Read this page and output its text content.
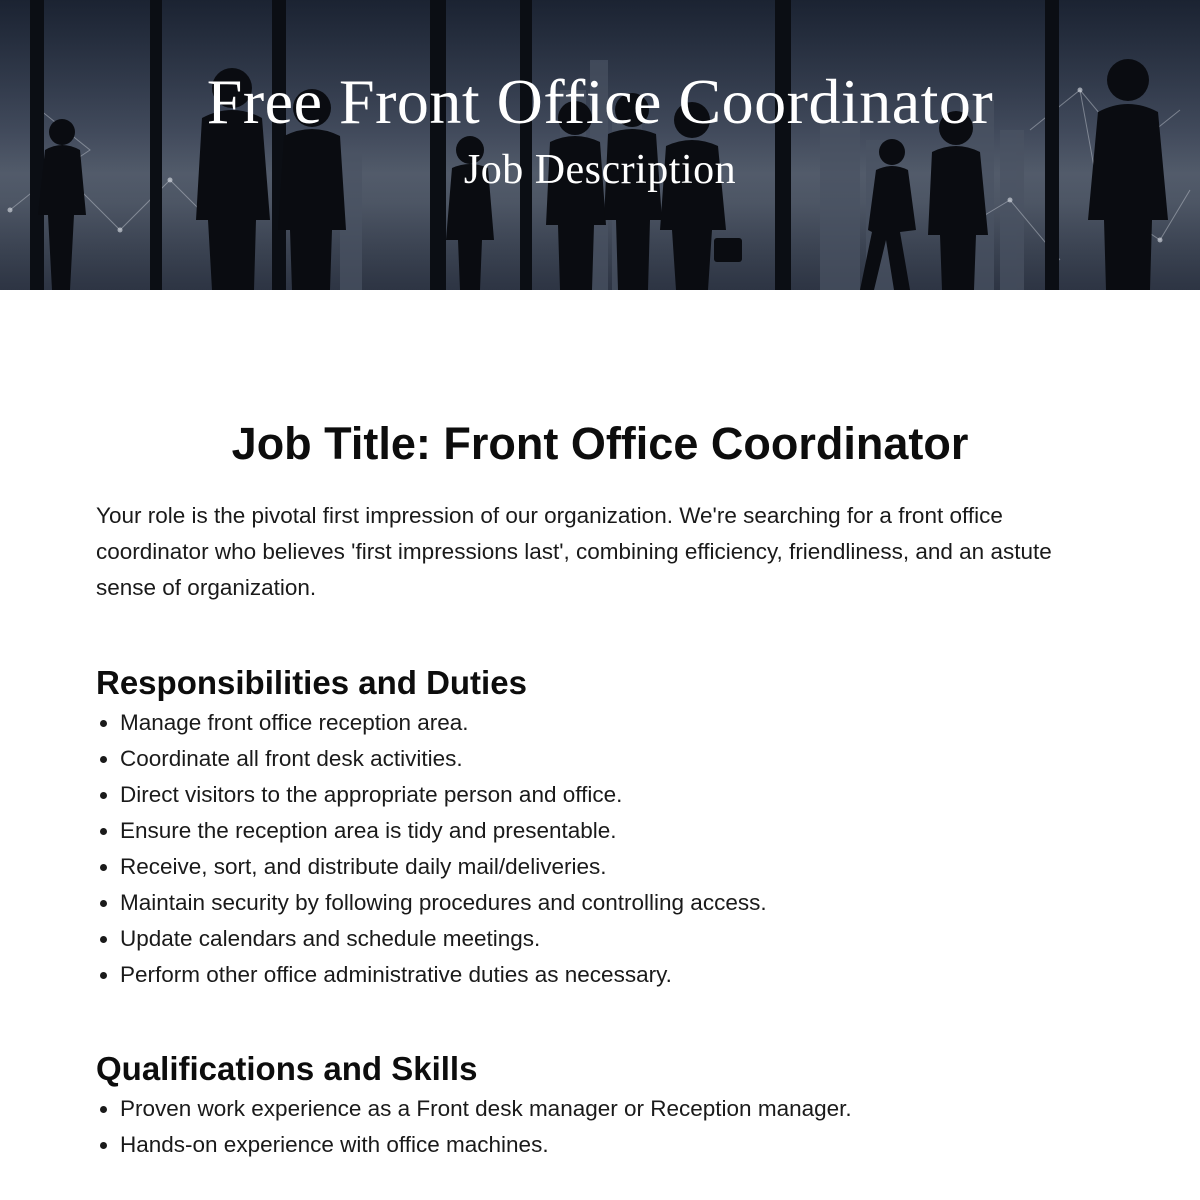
Free Front Office Coordinator
Job Description
Job Title: Front Office Coordinator

Your role is the pivotal first impression of our organization. We're searching for a front office coordinator who believes 'first impressions last', combining efficiency, friendliness, and an astute sense of organization.

Responsibilities and Duties
Manage front office reception area.
Coordinate all front desk activities.
Direct visitors to the appropriate person and office.
Ensure the reception area is tidy and presentable.
Receive, sort, and distribute daily mail/deliveries.
Maintain security by following procedures and controlling access.
Update calendars and schedule meetings.
Perform other office administrative duties as necessary.
Qualifications and Skills
Proven work experience as a Front desk manager or Reception manager.
Hands-on experience with office machines.
